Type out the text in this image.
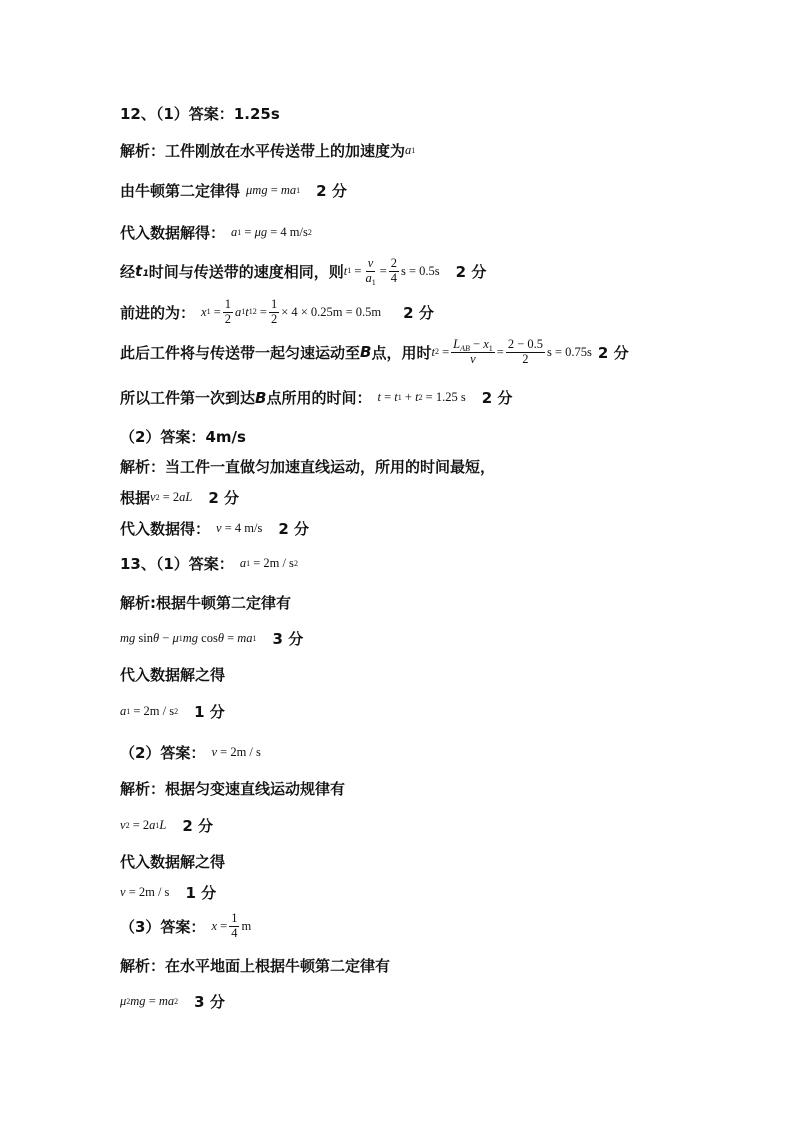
12、（1）答案：1.25s
解析：工件刚放在水平传送带上的加速度为 a 1
由牛顿第二定律得 μmg = ma 1 2 分
代入数据解得： a 1 = μg = 4 m/s 2
经 t₁ 时间与传送带的速度相同，则 t $1 = \frac{v}{a_1} = \frac{2}{4}$ s = 0.5s 2 分
前进的为： x $1 = \frac{1}{2}$ a 1 t 1 $2 = \frac{1}{2} \times 4 \times 0.25m = 0.5m$ 2 分
此后工件将与传送带一起匀速运动至 B 点，用时 t $2 = \frac{L_{AB} - x_1}{v} = \frac{2 - 0.5}{2}$ s = 0.75s 2 分
所以工件第一次到达 B 点所用的时间： t = t 1 + t 2 = 1.25 s 2 分
（2）答案：4m/s
解析：当工件一直做匀加速直线运动，所用的时间最短，
根据 v 2 = 2 aL 2 分
代入数据得： v = 4 m/s 2 分
13、（1）答案： a 1 = 2m / s 2
解析:根据牛顿第二定律有
mg sin θ − μ 1 mg cos θ = ma 1 3 分
代入数据解之得
a 1 = 2m / s 2 1 分
（2）答案： v = 2m / s
解析：根据匀变速直线运动规律有
v 2 = 2 a 1 L 2 分
代入数据解之得
v = 2m / s 1 分
（3）答案： $x = \frac{1}{4}$ m
解析：在水平地面上根据牛顿第二定律有
μ 2 mg = ma 2 3 分
